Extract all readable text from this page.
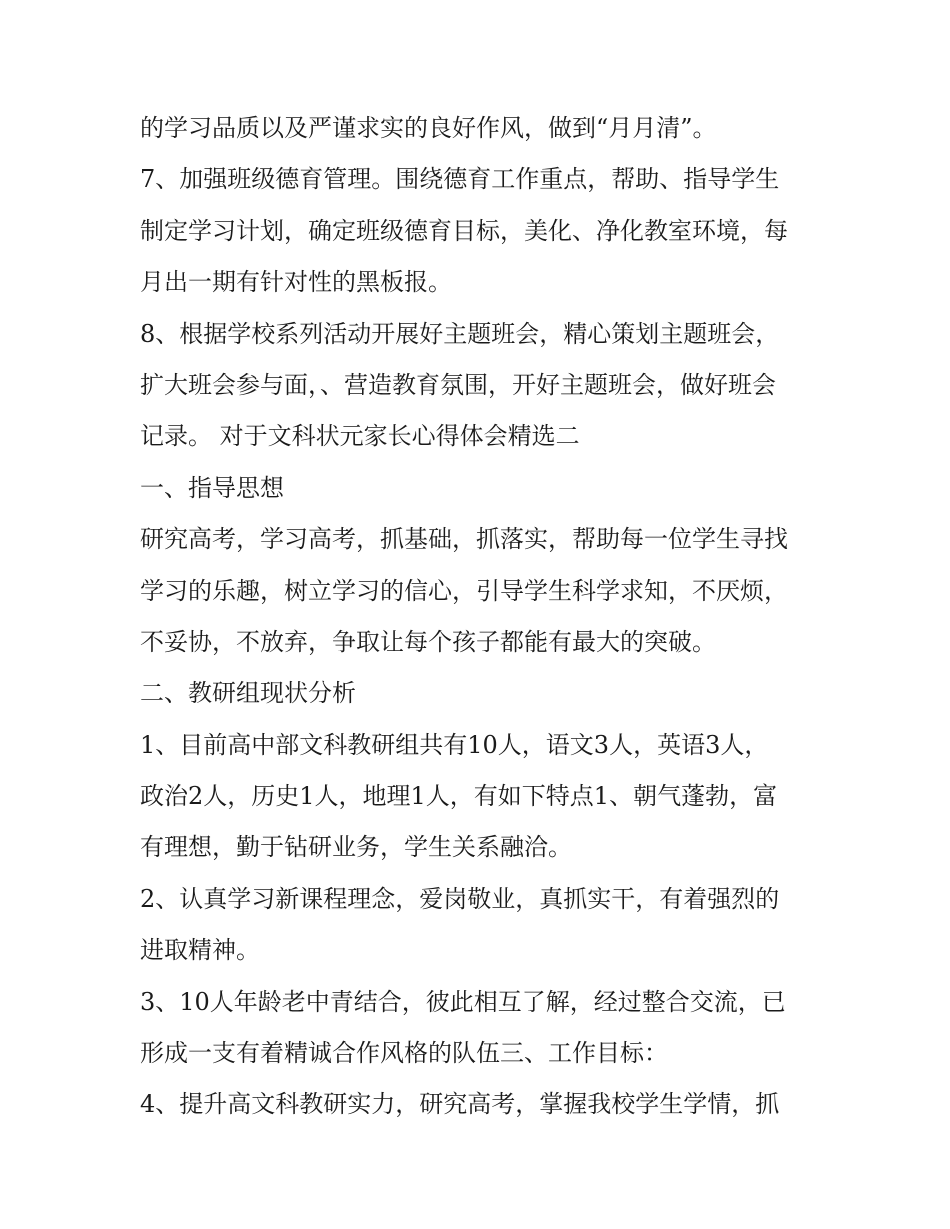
的学习品质以及严谨求实的良好作风，做到“月月清”。
7、加强班级德育管理。围绕德育工作重点，帮助、指导学生
制定学习计划，确定班级德育目标，美化、净化教室环境，每
月出一期有针对性的黑板报。
8、根据学校系列活动开展好主题班会，精心策划主题班会，
扩大班会参与面，、营造教育氛围，开好主题班会，做好班会
记录。 对于文科状元家长心得体会精选二
一、指导思想
研究高考，学习高考，抓基础，抓落实，帮助每一位学生寻找
学习的乐趣，树立学习的信心，引导学生科学求知，不厌烦，
不妥协，不放弃，争取让每个孩子都能有最大的突破。
二、教研组现状分析
1、目前高中部文科教研组共有10人，语文3人，英语3人，
政治2人，历史1人，地理1人，有如下特点1、朝气蓬勃，富
有理想，勤于钻研业务，学生关系融洽。
2、认真学习新课程理念，爱岗敬业，真抓实干，有着强烈的
进取精神。
3、10人年龄老中青结合，彼此相互了解，经过整合交流，已
形成一支有着精诚合作风格的队伍三、工作目标：
4、提升高文科教研实力，研究高考，掌握我校学生学情，抓
